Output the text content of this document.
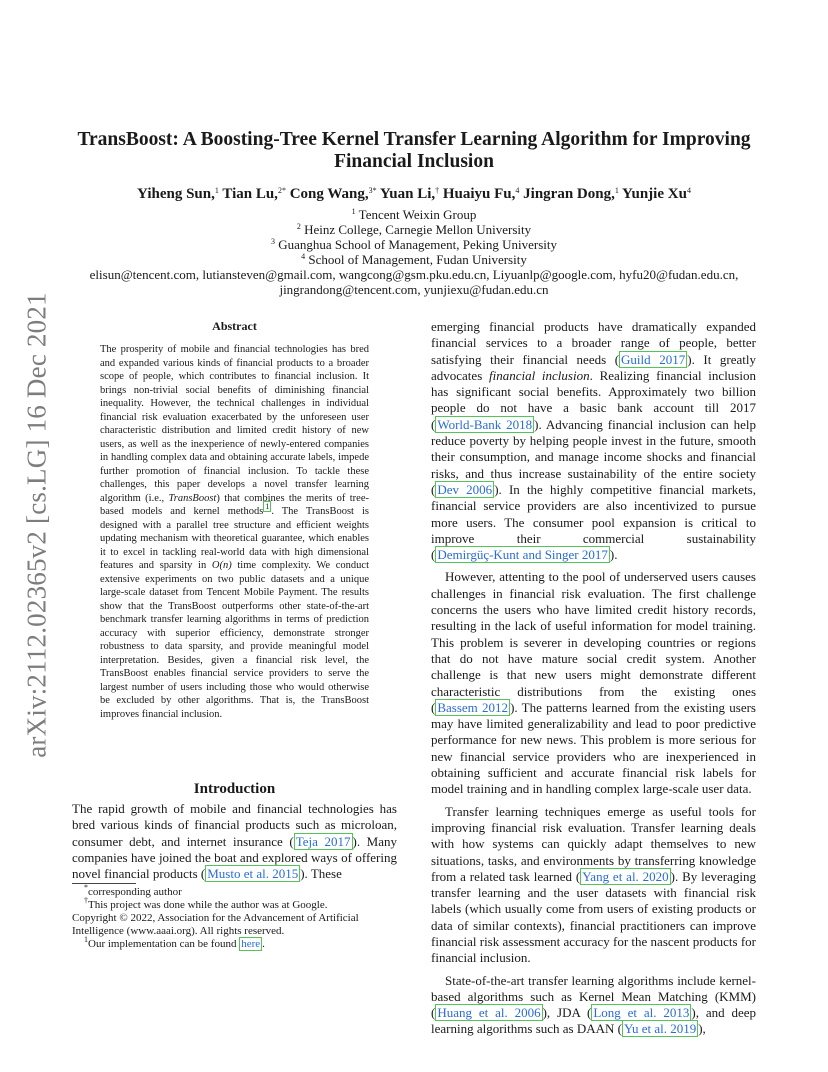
arXiv:2112.02365v2 [cs.LG] 16 Dec 2021
TransBoost: A Boosting-Tree Kernel Transfer Learning Algorithm for Improving
Financial Inclusion
Yiheng Sun,$^1$ Tian Lu,$^{2*}$ Cong Wang,$^{3*}$ Yuan Li,† Huaiyu Fu,$^4$ Jingran Dong,$^1$ Yunjie Xu$^4$
$^1$ Tencent Weixin Group
$^2$ Heinz College, Carnegie Mellon University
$^3$ Guanghua School of Management, Peking University
$^4$ School of Management, Fudan University
elisun@tencent.com, lutiansteven@gmail.com, wangcong@gsm.pku.edu.cn, Liyuanlp@google.com, hyfu20@fudan.edu.cn,
jingrandong@tencent.com, yunjiexu@fudan.edu.cn
Abstract
The prosperity of mobile and financial technologies has bred and expanded various kinds of financial products to a broader scope of people, which contributes to financial inclusion. It brings non-trivial social benefits of diminishing financial inequality. However, the technical challenges in individual financial risk evaluation exacerbated by the unforeseen user characteristic distribution and limited credit history of new users, as well as the inexperience of newly-entered companies in handling complex data and obtaining accurate labels, impede further promotion of financial inclusion. To tackle these challenges, this paper develops a novel transfer learning algorithm (i.e., TransBoost) that combines the merits of tree-based models and kernel methods $^1$ . The TransBoost is designed with a parallel tree structure and efficient weights updating mechanism with theoretical guarantee, which enables it to excel in tackling real-world data with high dimensional features and sparsity in O(n) time complexity. We conduct extensive experiments on two public datasets and a unique large-scale dataset from Tencent Mobile Payment. The results show that the TransBoost outperforms other state-of-the-art benchmark transfer learning algorithms in terms of prediction accuracy with superior efficiency, demonstrate stronger robustness to data sparsity, and provide meaningful model interpretation. Besides, given a financial risk level, the TransBoost enables financial service providers to serve the largest number of users including those who would otherwise be excluded by other algorithms. That is, the TransBoost improves financial inclusion.
Introduction

The rapid growth of mobile and financial technologies has bred various kinds of financial products such as microloan, consumer debt, and internet insurance ( Teja 2017 ). Many companies have joined the boat and explored ways of offering novel financial products ( Musto et al. 2015 ). These

*corresponding author
†This project was done while the author was at Google.
Copyright © 2022, Association for the Advancement of Artificial Intelligence (www.aaai.org). All rights reserved.
$^1$Our implementation can be found here .

emerging financial products have dramatically expanded financial services to a broader range of people, better satisfying their financial needs ( Guild 2017 ). It greatly advocates financial inclusion. Realizing financial inclusion has significant social benefits. Approximately two billion people do not have a basic bank account till 2017 ( World-Bank 2018 ). Advancing financial inclusion can help reduce poverty by helping people invest in the future, smooth their consumption, and manage income shocks and financial risks, and thus increase sustainability of the entire society ( Dev 2006 ). In the highly competitive financial markets, financial service providers are also incentivized to pursue more users. The consumer pool expansion is critical to improve their commercial sustainability ( Demirgüç-Kunt and Singer 2017 ).

However, attenting to the pool of underserved users causes challenges in financial risk evaluation. The first challenge concerns the users who have limited credit history records, resulting in the lack of useful information for model training. This problem is severer in developing countries or regions that do not have mature social credit system. Another challenge is that new users might demonstrate different characteristic distributions from the existing ones ( Bassem 2012 ). The patterns learned from the existing users may have limited generalizability and lead to poor predictive performance for new news. This problem is more serious for new financial service providers who are inexperienced in obtaining sufficient and accurate financial risk labels for model training and in handling complex large-scale user data.

Transfer learning techniques emerge as useful tools for improving financial risk evaluation. Transfer learning deals with how systems can quickly adapt themselves to new situations, tasks, and environments by transferring knowledge from a related task learned ( Yang et al. 2020 ). By leveraging transfer learning and the user datasets with financial risk labels (which usually come from users of existing products or data of similar contexts), financial practitioners can improve financial risk assessment accuracy for the nascent products for financial inclusion.

State-of-the-art transfer learning algorithms include kernel-based algorithms such as Kernel Mean Matching (KMM) ( Huang et al. 2006 ), JDA ( Long et al. 2013 ), and deep learning algorithms such as DAAN ( Yu et al. 2019 ),
